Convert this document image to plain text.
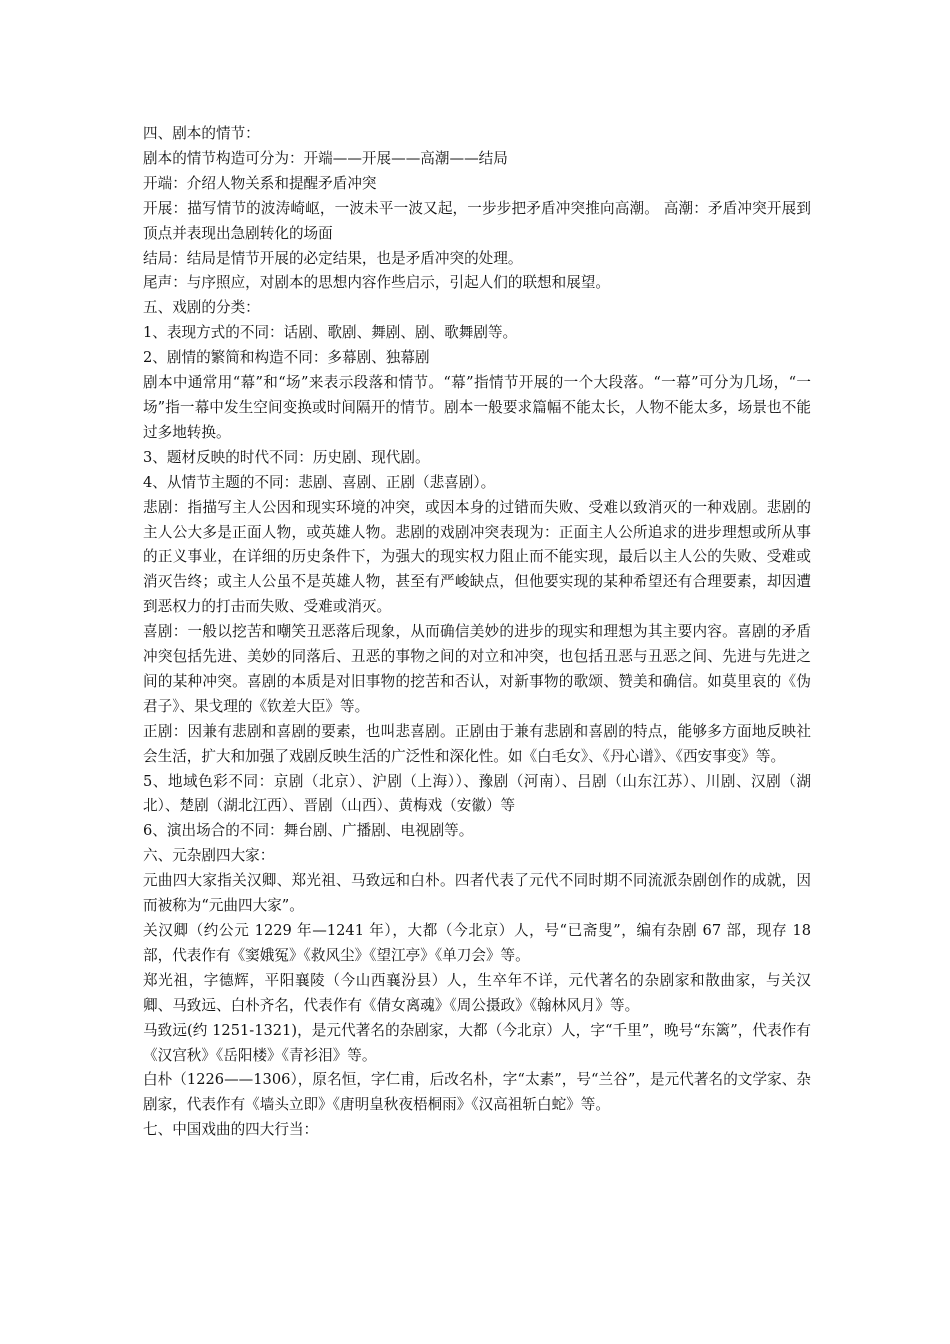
四、剧本的情节：

剧本的情节构造可分为：开端——开展——高潮——结局

开端：介绍人物关系和提醒矛盾冲突

开展：描写情节的波涛崎岖，一波未平一波又起，一步步把矛盾冲突推向高潮。 高潮：矛盾冲突开展到顶点并表现出急剧转化的场面

结局：结局是情节开展的必定结果，也是矛盾冲突的处理。

尾声：与序照应，对剧本的思想内容作些启示，引起人们的联想和展望。

五、戏剧的分类：

1、表现方式的不同：话剧、歌剧、舞剧、剧、歌舞剧等。

2、剧情的繁简和构造不同：多幕剧、独幕剧

剧本中通常用“幕”和“场”来表示段落和情节。“幕”指情节开展的一个大段落。“一幕”可分为几场，“一场”指一幕中发生空间变换或时间隔开的情节。剧本一般要求篇幅不能太长，人物不能太多，场景也不能过多地转换。

3、题材反映的时代不同：历史剧、现代剧。

4、从情节主题的不同：悲剧、喜剧、正剧（悲喜剧）。

悲剧：指描写主人公因和现实环境的冲突，或因本身的过错而失败、受难以致消灭的一种戏剧。悲剧的主人公大多是正面人物，或英雄人物。悲剧的戏剧冲突表现为：正面主人公所追求的进步理想或所从事的正义事业，在详细的历史条件下，为强大的现实权力阻止而不能实现，最后以主人公的失败、受难或消灭告终；或主人公虽不是英雄人物，甚至有严峻缺点，但他要实现的某种希望还有合理要素，却因遭到恶权力的打击而失败、受难或消灭。

喜剧：一般以挖苦和嘲笑丑恶落后现象，从而确信美妙的进步的现实和理想为其主要内容。喜剧的矛盾冲突包括先进、美妙的同落后、丑恶的事物之间的对立和冲突，也包括丑恶与丑恶之间、先进与先进之间的某种冲突。喜剧的本质是对旧事物的挖苦和否认，对新事物的歌颂、赞美和确信。如莫里哀的《伪君子》、果戈理的《钦差大臣》等。

正剧：因兼有悲剧和喜剧的要素，也叫悲喜剧。正剧由于兼有悲剧和喜剧的特点，能够多方面地反映社会生活，扩大和加强了戏剧反映生活的广泛性和深化性。如《白毛女》、《丹心谱》、《西安事变》等。

5、地域色彩不同：京剧（北京）、沪剧（上海））、豫剧（河南）、吕剧（山东江苏）、川剧、汉剧（湖北）、楚剧（湖北江西）、晋剧（山西）、黄梅戏（安徽）等

6、演出场合的不同：舞台剧、广播剧、电视剧等。

六、元杂剧四大家：

元曲四大家指关汉卿、郑光祖、马致远和白朴。四者代表了元代不同时期不同流派杂剧创作的成就，因而被称为“元曲四大家”。

关汉卿（约公元 1229 年—1241 年），大都（今北京）人，号“已斋叟”，编有杂剧 67 部，现存 18 部，代表作有《窦娥冤》《救风尘》《望江亭》《单刀会》等。

郑光祖，字德辉，平阳襄陵（今山西襄汾县）人，生卒年不详，元代著名的杂剧家和散曲家，与关汉卿、马致远、白朴齐名，代表作有《倩女离魂》《周公摄政》《翰林风月》等。

马致远(约 1251-1321)，是元代著名的杂剧家，大都（今北京）人，字“千里”，晚号“东篱”，代表作有《汉宫秋》《岳阳楼》《青衫泪》等。

白朴（1226——1306），原名恒，字仁甫，后改名朴，字“太素”，号“兰谷”，是元代著名的文学家、杂剧家，代表作有《墙头立即》《唐明皇秋夜梧桐雨》《汉高祖斩白蛇》等。

七、中国戏曲的四大行当：
